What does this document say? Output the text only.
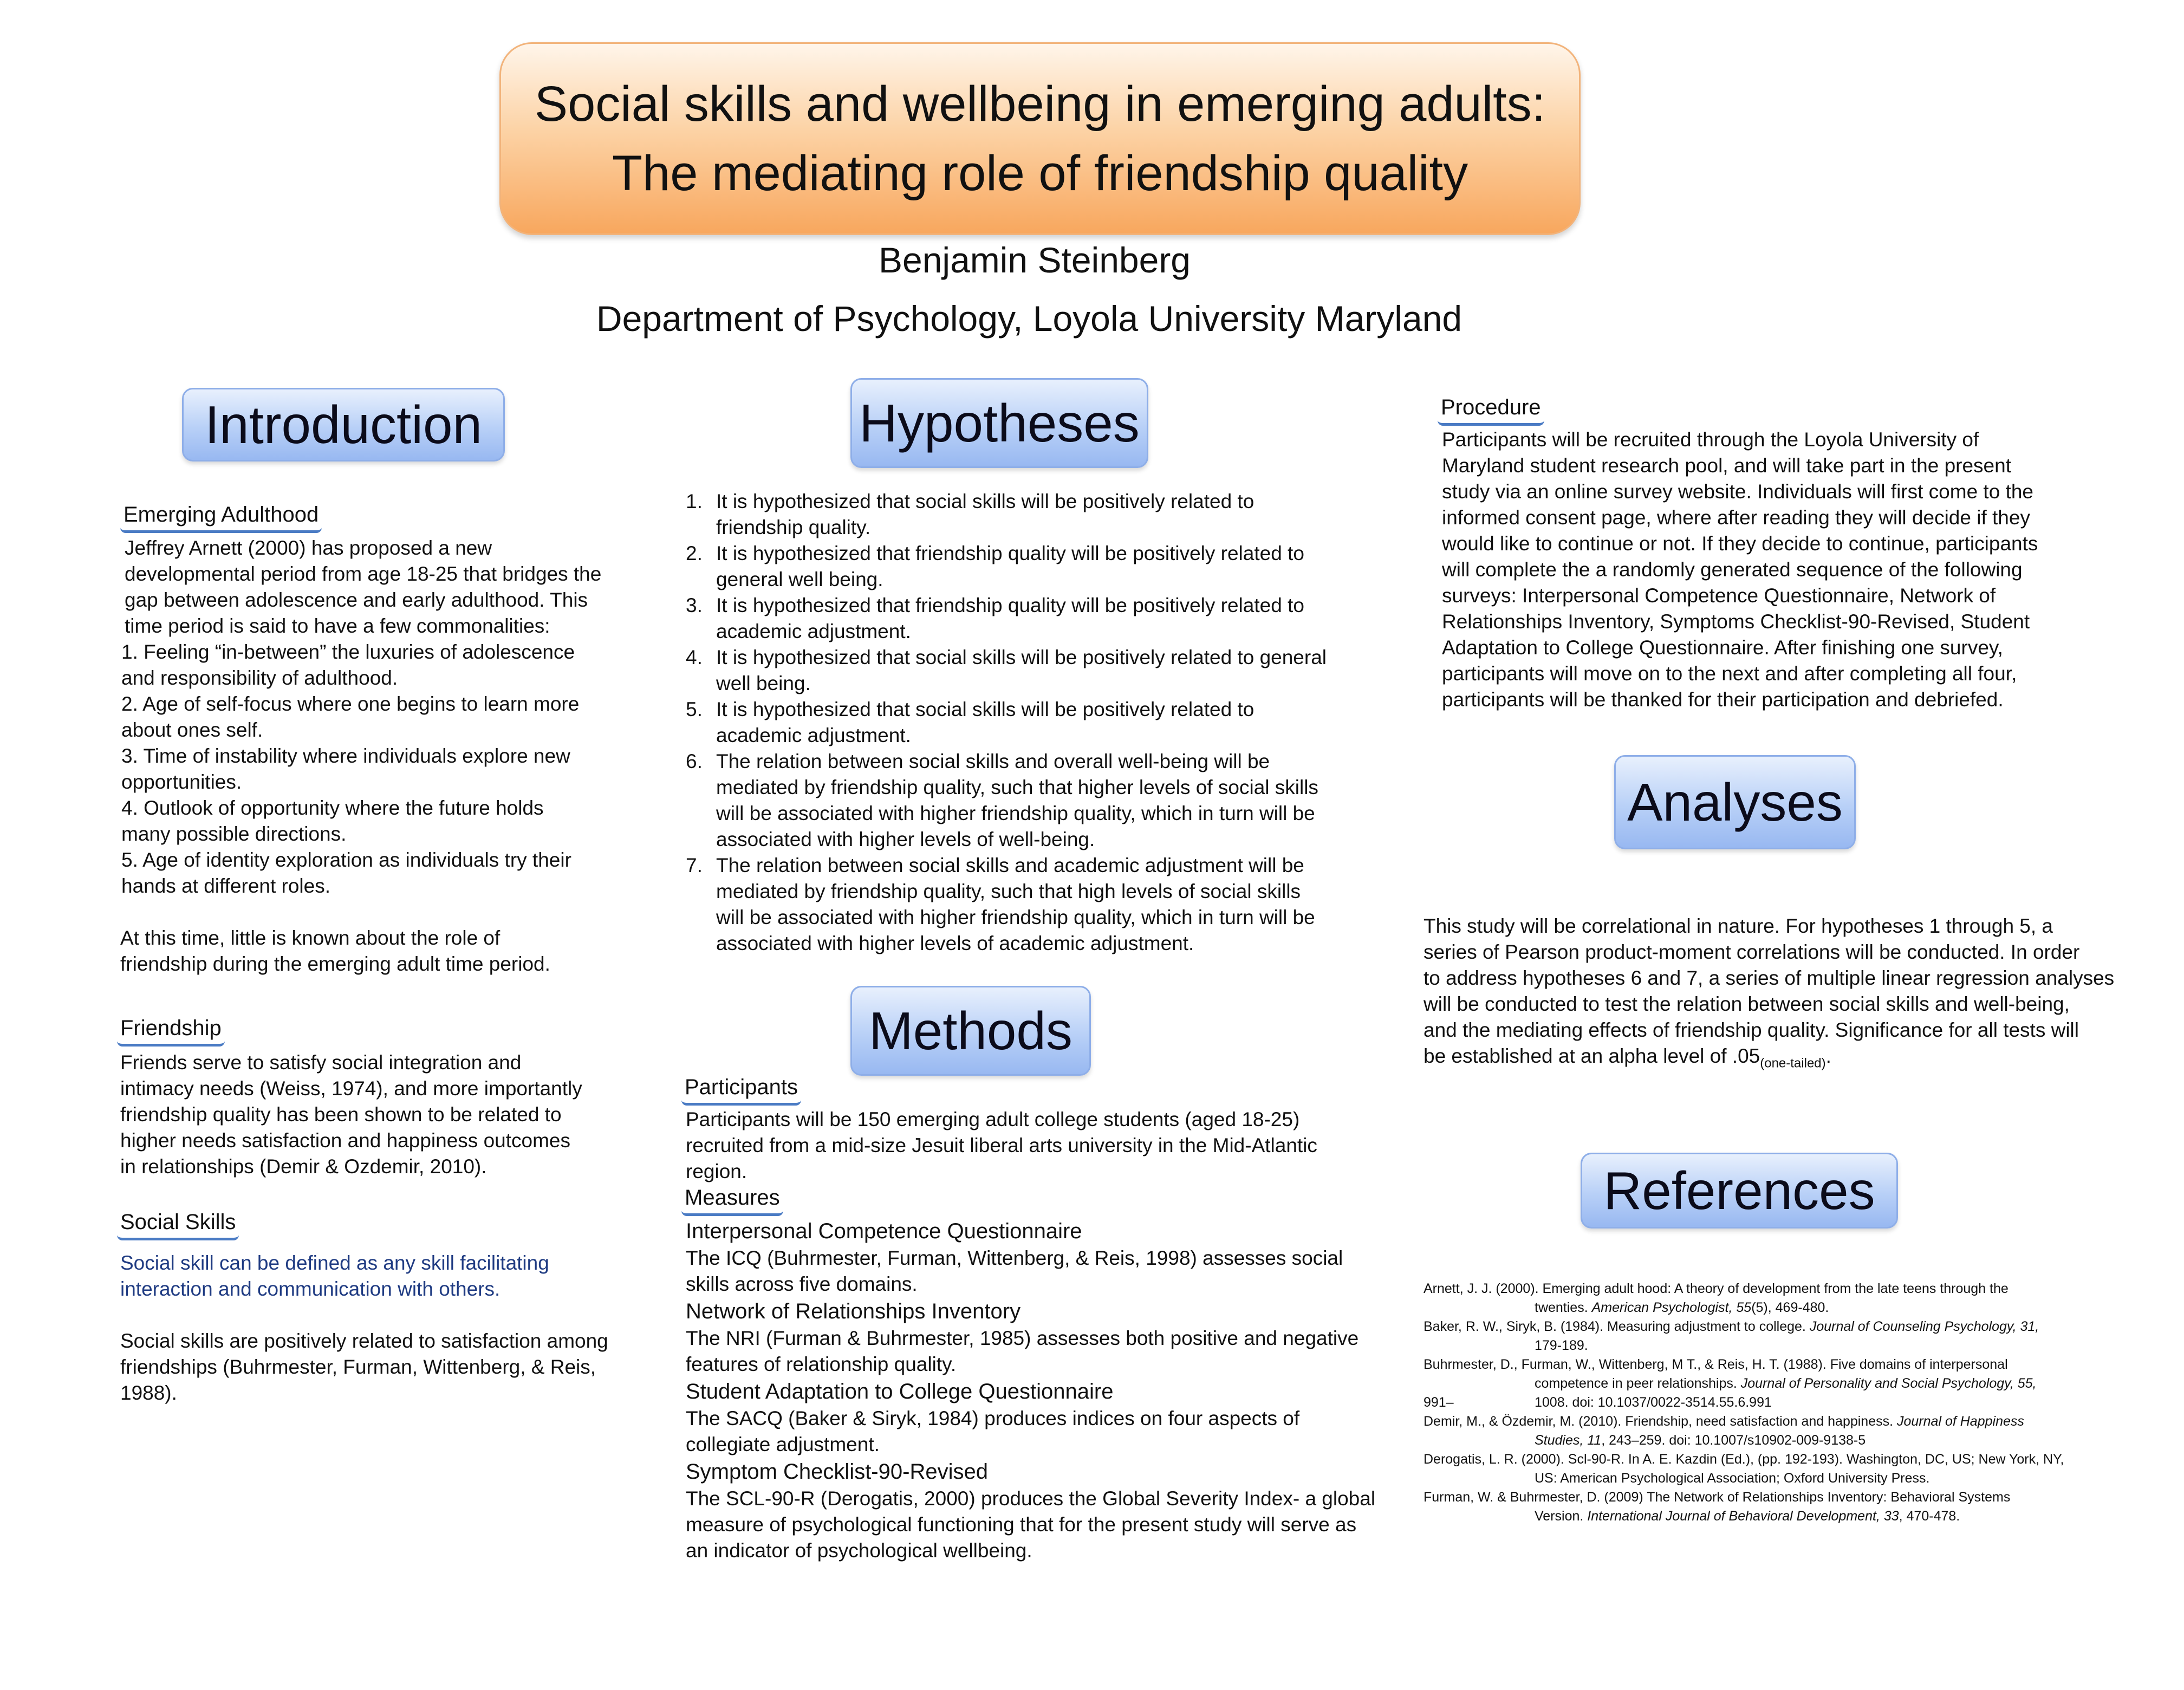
Social skills and wellbeing in emerging adults:
The mediating role of friendship quality
Benjamin Steinberg
Department of Psychology, Loyola University Maryland
Introduction
Emerging Adulthood

Jeffrey Arnett (2000) has proposed a new

developmental period from age 18-25 that bridges the

gap between adolescence and early adulthood. This

time period is said to have a few commonalities:

1. Feeling “in-between” the luxuries of adolescence

and responsibility of adulthood.

2. Age of self-focus where one begins to learn more

about ones self.

3. Time of instability where individuals explore new

opportunities.

4. Outlook of opportunity where the future holds

many possible directions.

5. Age of identity exploration as individuals try their

hands at different roles.

At this time, little is known about the role of

friendship during the emerging adult time period.

Friendship

Friends serve to satisfy social integration and

intimacy needs (Weiss, 1974), and more importantly

friendship quality has been shown to be related to

higher needs satisfaction and happiness outcomes

in relationships (Demir & Ozdemir, 2010).

Social Skills

Social skill can be defined as any skill facilitating

interaction and communication with others.

Social skills are positively related to satisfaction among

friendships (Buhrmester, Furman, Wittenberg, & Reis,

1988).

Hypotheses
1. It is hypothesized that social skills will be positively related to

friendship quality.

2. It is hypothesized that friendship quality will be positively related to

general well being.

3. It is hypothesized that friendship quality will be positively related to

academic adjustment.

4. It is hypothesized that social skills will be positively related to general

well being.

5. It is hypothesized that social skills will be positively related to

academic adjustment.

6. The relation between social skills and overall well-being will be

mediated by friendship quality, such that higher levels of social skills

will be associated with higher friendship quality, which in turn will be

associated with higher levels of well-being.

7. The relation between social skills and academic adjustment will be

mediated by friendship quality, such that high levels of social skills

will be associated with higher friendship quality, which in turn will be

associated with higher levels of academic adjustment.

Methods
Participants

Participants will be 150 emerging adult college students (aged 18-25)

recruited from a mid-size Jesuit liberal arts university in the Mid-Atlantic

region.

Measures
Interpersonal Competence Questionnaire

The ICQ (Buhrmester, Furman, Wittenberg, & Reis, 1998) assesses social

skills across five domains.

Network of Relationships Inventory

The NRI (Furman & Buhrmester, 1985) assesses both positive and negative

features of relationship quality.

Student Adaptation to College Questionnaire

The SACQ (Baker & Siryk, 1984) produces indices on four aspects of

collegiate adjustment.

Symptom Checklist-90-Revised

The SCL-90-R (Derogatis, 2000) produces the Global Severity Index- a global

measure of psychological functioning that for the present study will serve as

an indicator of psychological wellbeing.

Procedure

Participants will be recruited through the Loyola University of

Maryland student research pool, and will take part in the present

study via an online survey website. Individuals will first come to the

informed consent page, where after reading they will decide if they

would like to continue or not. If they decide to continue, participants

will complete the a randomly generated sequence of the following

surveys: Interpersonal Competence Questionnaire, Network of

Relationships Inventory, Symptoms Checklist-90-Revised, Student

Adaptation to College Questionnaire. After finishing one survey,

participants will move on to the next and after completing all four,

participants will be thanked for their participation and debriefed.

Analyses

This study will be correlational in nature. For hypotheses 1 through 5, a

series of Pearson product-moment correlations will be conducted. In order

to address hypotheses 6 and 7, a series of multiple linear regression analyses

will be conducted to test the relation between social skills and well-being,

and the mediating effects of friendship quality. Significance for all tests will

be established at an alpha level of $.05_{(one-tailed)}$.

References

Arnett, J. J. (2000). Emerging adult hood: A theory of development from the late teens through the

twenties. American Psychologist, 55(5), 469-480.

Baker, R. W., Siryk, B. (1984). Measuring adjustment to college. Journal of Counseling Psychology, 31,

179-189.

Buhrmester, D., Furman, W., Wittenberg, M T., & Reis, H. T. (1988). Five domains of interpersonal

competence in peer relationships. Journal of Personality and Social Psychology, 55,

991–	1008. doi: 10.1037/0022-3514.55.6.991

Demir, M., & Özdemir, M. (2010). Friendship, need satisfaction and happiness. Journal of Happiness

Studies, 11, 243–259. doi: 10.1007/s10902-009-9138-5

Derogatis, L. R. (2000). Scl-90-R. In A. E. Kazdin (Ed.), (pp. 192-193). Washington, DC, US; New York, NY,

US: American Psychological Association; Oxford University Press.

Furman, W. & Buhrmester, D. (2009) The Network of Relationships Inventory: Behavioral Systems

Version. International Journal of Behavioral Development, 33, 470-478.
